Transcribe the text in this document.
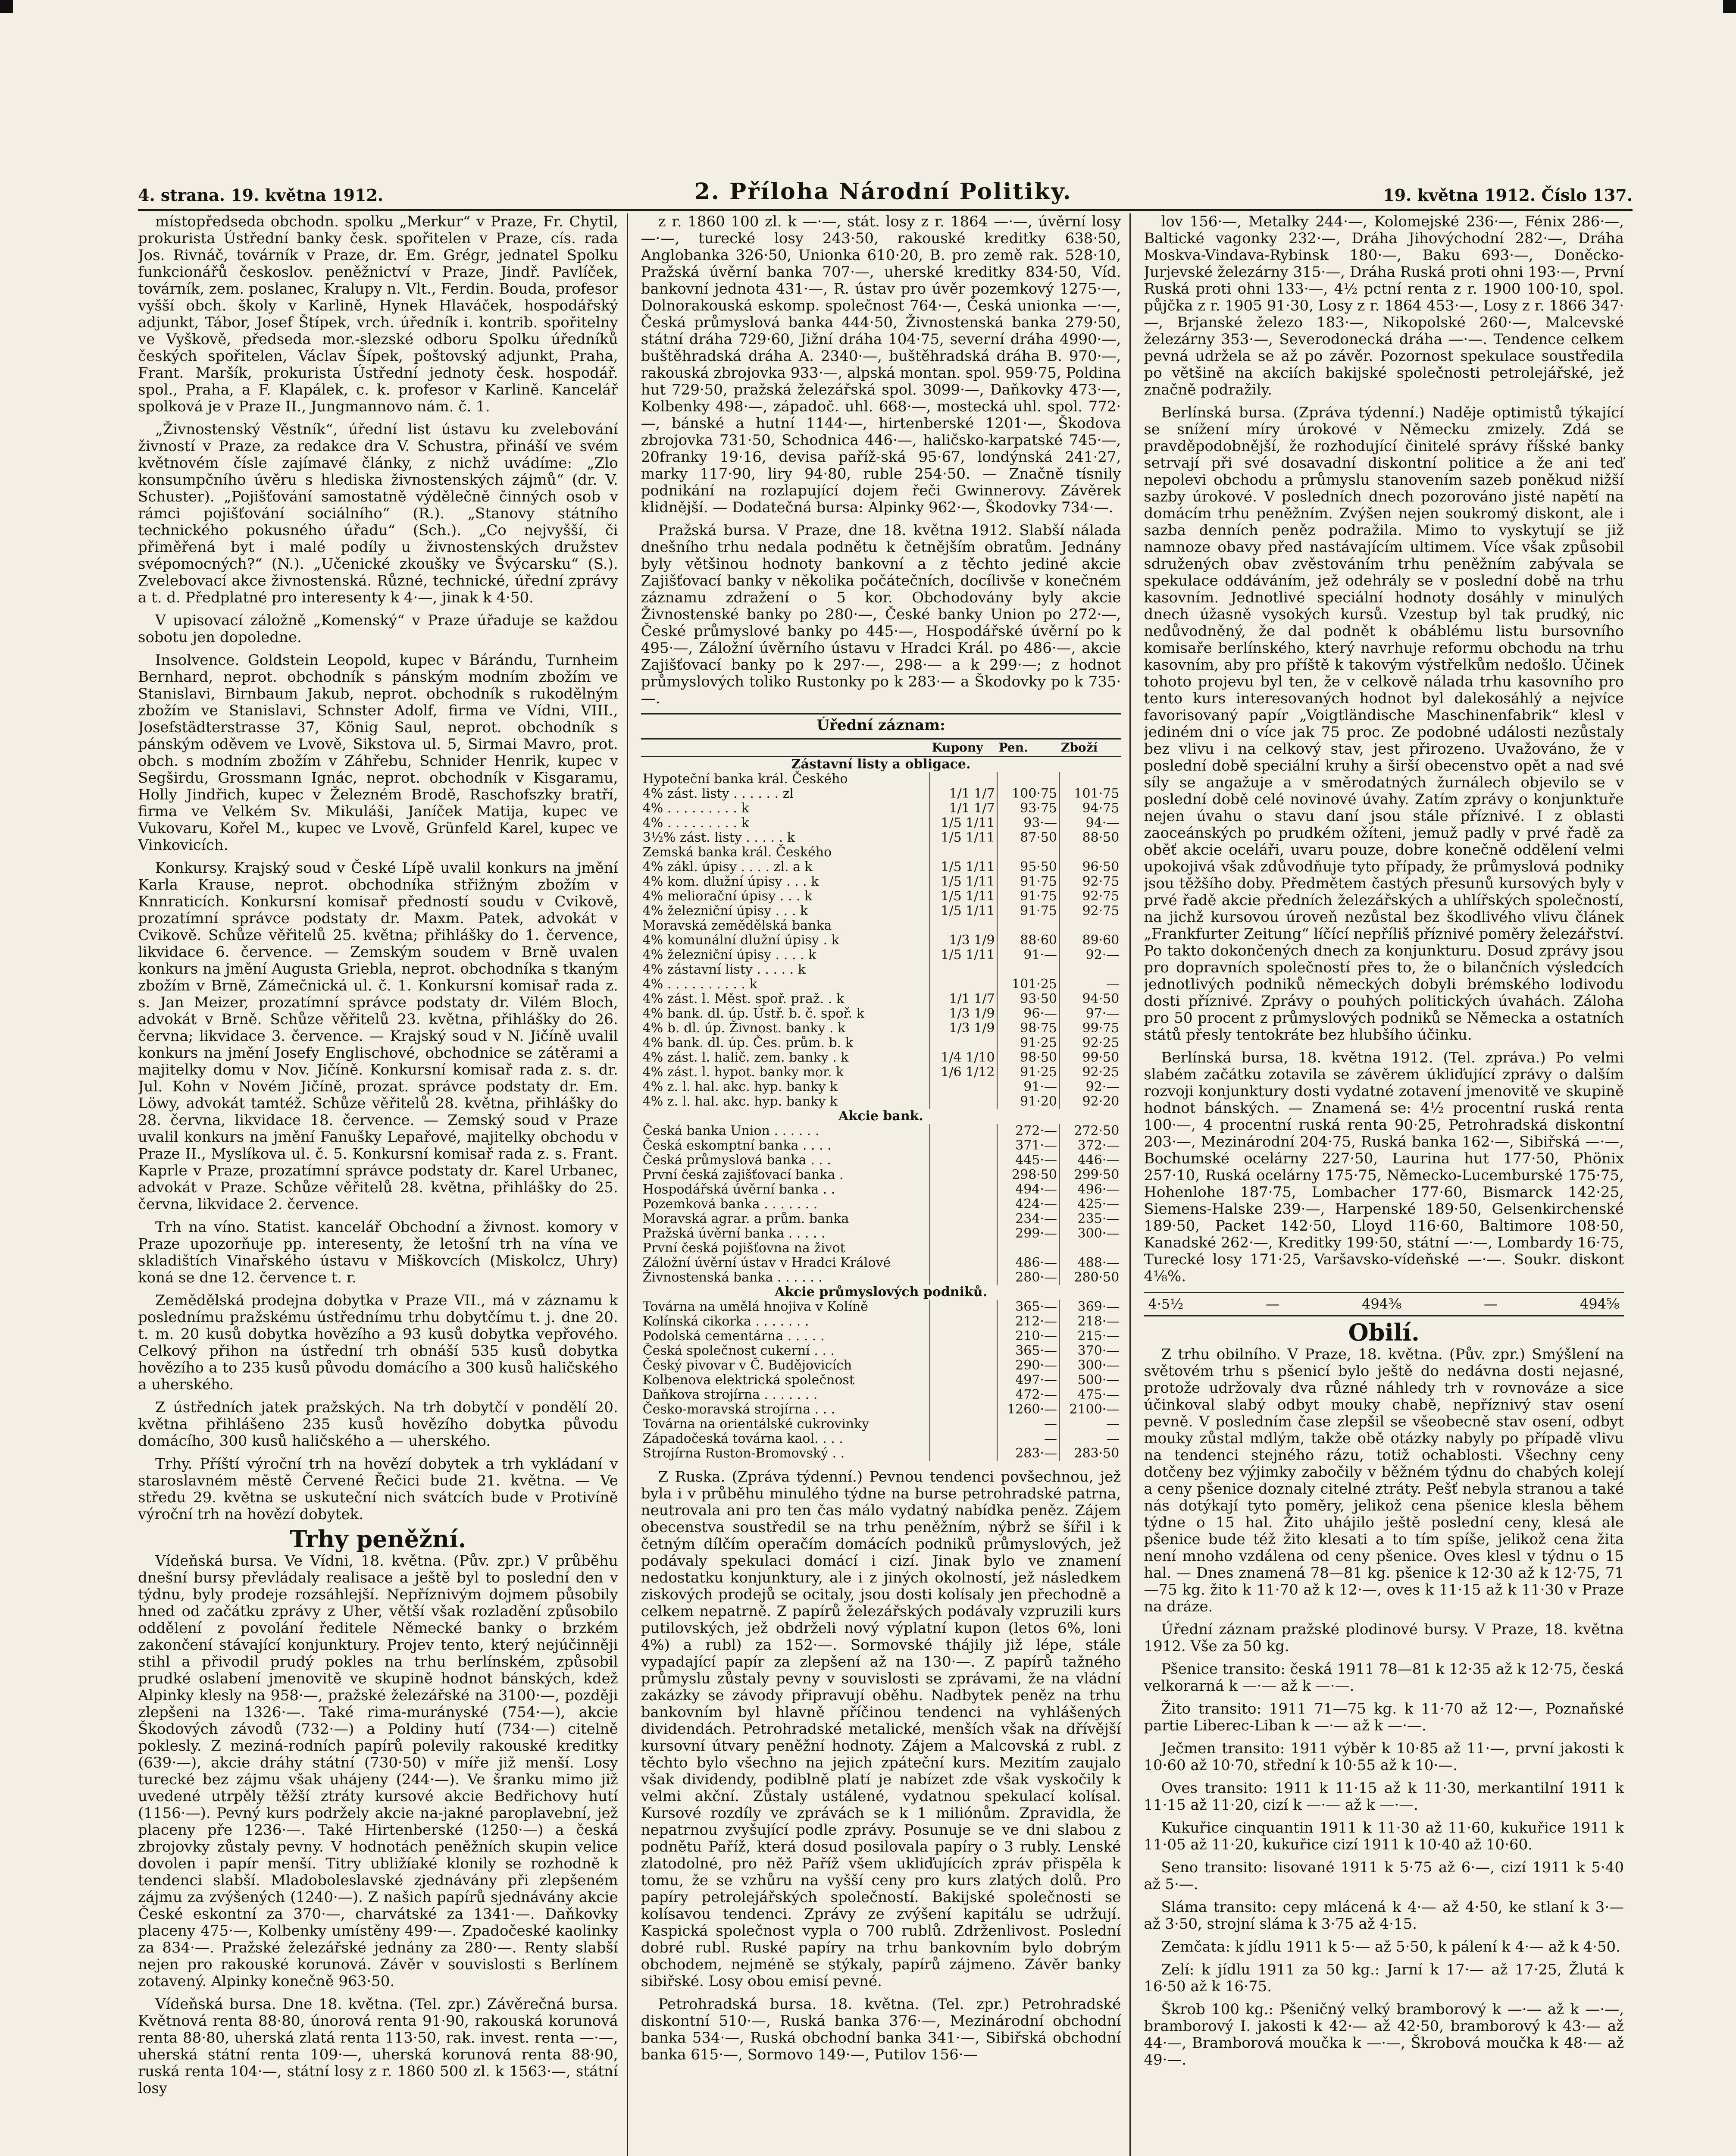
4. strana. 19. května 1912.	2. Příloha Národní Politiky.	19. května 1912. Číslo 137.

místopředseda obchodn. spolku „Merkur“ v Praze, Fr. Chytil, prokurista Ústřední banky česk. spořitelen v Praze, cís. rada Jos. Rivnáč, továrník v Praze, dr. Em. Grégr, jednatel Spolku funkcionářů českoslov. peněžnictví v Praze, Jindř. Pavlíček, továrník, zem. poslanec, Kralupy n. Vlt., Ferdin. Bouda, profesor vyšší obch. školy v Karlině, Hynek Hlaváček, hospodářský adjunkt, Tábor, Josef Štípek, vrch. úředník i. kontrib. spořitelny ve Vyškově, předseda mor.-slezské odboru Spolku úředníků českých spořitelen, Václav Šípek, poštovský adjunkt, Praha, Frant. Maršík, prokurista Ústřední jednoty česk. hospodář. spol., Praha, a F. Klapálek, c. k. profesor v Karlině. Kancelář spolková je v Praze II., Jungmannovo nám. č. 1.

„Živnostenský Věstník“, úřední list ústavu ku zvelebování živností v Praze, za redakce dra V. Schustra, přináší ve svém květnovém čísle zajímavé články, z nichž uvádíme: „Zlo konsumpčního úvěru s hlediska živnostenských zájmů“ (dr. V. Schuster). „Pojišťování samostatně výdělečně činných osob v rámci pojišťování sociálního“ (R.). „Stanovy státního technického pokusného úřadu“ (Sch.). „Co nejvyšší, či přiměřená byt i malé podíly u živnostenských družstev svépomocných?“ (N.). „Učenické zkoušky ve Švýcarsku“ (S.). Zvelebovací akce živnostenská. Různé, technické, úřední zprávy a t. d. Předplatné pro interesenty k 4·—, jinak k 4·50.

V upisovací záložně „Komenský“ v Praze úřaduje se každou sobotu jen dopoledne.

Insolvence. Goldstein Leopold, kupec v Bárándu, Turnheim Bernhard, neprot. obchodník s pánským modním zbožím ve Stanislavi, Birnbaum Jakub, neprot. obchodník s rukodělným zbožím ve Stanislavi, Schnster Adolf, firma ve Vídni, VIII., Josefstädterstrasse 37, König Saul, neprot. obchodník s pánským oděvem ve Lvově, Sikstova ul. 5, Sirmai Mavro, prot. obch. s modním zbožím v Záhřebu, Schnider Henrik, kupec v Segširdu, Grossmann Ignác, neprot. obchodník v Kisgaramu, Holly Jindřich, kupec v Železném Brodě, Raschofszky bratří, firma ve Velkém Sv. Mikuláši, Janíček Matija, kupec ve Vukovaru, Kořel M., kupec ve Lvově, Grünfeld Karel, kupec ve Vinkovicích.

Konkursy. Krajský soud v České Lípě uvalil konkurs na jmění Karla Krause, neprot. obchodníka střižným zbožím v Knnraticích. Konkursní komisař předností soudu v Cvikově, prozatímní správce podstaty dr. Maxm. Patek, advokát v Cvikově. Schůze věřitelů 25. května; přihlášky do 1. července, likvidace 6. července. — Zemským soudem v Brně uvalen konkurs na jmění Augusta Griebla, neprot. obchodníka s tkaným zbožím v Brně, Zámečnická ul. č. 1. Konkursní komisař rada z. s. Jan Meizer, prozatímní správce podstaty dr. Vilém Bloch, advokát v Brně. Schůze věřitelů 23. května, přihlášky do 26. června; likvidace 3. července. — Krajský soud v N. Jičíně uvalil konkurs na jmění Josefy Englischové, obchodnice se zátěrami a majitelky domu v Nov. Jičíně. Konkursní komisař rada z. s. dr. Jul. Kohn v Novém Jičíně, prozat. správce podstaty dr. Em. Löwy, advokát tamtéž. Schůze věřitelů 28. května, přihlášky do 28. června, likvidace 18. července. — Zemský soud v Praze uvalil konkurs na jmění Fanušky Lepařové, majitelky obchodu v Praze II., Myslíkova ul. č. 5. Konkursní komisař rada z. s. Frant. Kaprle v Praze, prozatímní správce podstaty dr. Karel Urbanec, advokát v Praze. Schůze věřitelů 28. května, přihlášky do 25. června, likvidace 2. července.

Trh na víno. Statist. kancelář Obchodní a živnost. komory v Praze upozorňuje pp. interesenty, že letošní trh na vína ve skladištích Vinařského ústavu v Miškovcích (Miskolcz, Uhry) koná se dne 12. července t. r.

Zemědělská prodejna dobytka v Praze VII., má v záznamu k poslednímu pražskému ústřednímu trhu dobytčímu t. j. dne 20. t. m. 20 kusů dobytka hovězího a 93 kusů dobytka vepřového. Celkový přihon na ústřední trh obnáší 535 kusů dobytka hovězího a to 235 kusů původu domácího a 300 kusů haličského a uherského.

Z ústředních jatek pražských. Na trh dobytčí v pondělí 20. května přihlášeno 235 kusů hovězího dobytka původu domácího, 300 kusů haličského a — uherského.

Trhy. Příští výroční trh na hovězí dobytek a trh vykládaní v staroslavném městě Červené Řečici bude 21. května. — Ve středu 29. května se uskuteční nich svátcích bude v Protivíně výroční trh na hovězí dobytek.

Trhy peněžní.

Vídeňská bursa. Ve Vídni, 18. května. (Pův. zpr.) V průběhu dnešní bursy převládaly realisace a ještě byl to poslední den v týdnu, byly prodeje rozsáhlejší. Nepříznivým dojmem působily hned od začátku zprávy z Uher, větší však rozladění způsobilo oddělení z povolání ředitele Německé banky o brzkém zakončení stávající konjunktury. Projev tento, který nejúčinněji stihl a přivodil prudý pokles na trhu berlínském, způsobil prudké oslabení jmenovitě ve skupině hodnot bánských, kdež Alpinky klesly na 958·—, pražské železářské na 3100·—, později zlepšeni na 1326·—. Také rima-murányské (754·—), akcie Škodových závodů (732·—) a Poldiny hutí (734·—) citelně poklesly. Z meziná-rodních papírů polevily rakouské kreditky (639·—), akcie dráhy státní (730·50) v míře již menší. Losy turecké bez zájmu však uhájeny (244·—). Ve šranku mimo již uvedené utrpěly těžší ztráty kursové akcie Bedřichovy hutí (1156·—). Pevný kurs podržely akcie na-jakné paroplavební, jež placeny pře 1236·—. Také Hirtenberské (1250·—) a česká zbrojovky zůstaly pevny. V hodnotách peněžních skupin velice dovolen i papír menší. Titry ubližíaké klonily se rozhodně k tendenci slabší. Mladoboleslavské zjednávány při zlepšeném zájmu za zvýšených (1240·—). Z našich papírů sjednávány akcie České eskontní za 370·—, charvátské za 1341·—. Daňkovky placeny 475·—, Kolbenky umístěny 499·—. Zpadočeské kaolinky za 834·—. Pražské železářské jednány za 280·—. Renty slabší nejen pro rakouské korunová. Závěr v souvislosti s Berlínem zotavený. Alpinky konečně 963·50.

Vídeňská bursa. Dne 18. května. (Tel. zpr.) Závěrečná bursa. Květnová renta 88·80, únorová renta 91·90, rakouská korunová renta 88·80, uherská zlatá renta 113·50, rak. invest. renta —·—, uherská státní renta 109·—, uherská korunová renta 88·90, ruská renta 104·—, státní losy z r. 1860 500 zl. k 1563·—, státní losy

z r. 1860 100 zl. k —·—, stát. losy z r. 1864 —·—, úvěrní losy —·—, turecké losy 243·50, rakouské kreditky 638·50, Anglobanka 326·50, Unionka 610·20, B. pro země rak. 528·10, Pražská úvěrní banka 707·—, uherské kreditky 834·50, Víd. bankovní jednota 431·—, R. ústav pro úvěr pozemkový 1275·—, Dolnorakouská eskomp. společnost 764·—, Česká unionka —·—, Česká průmyslová banka 444·50, Živnostenská banka 279·50, státní dráha 729·60, Jižní dráha 104·75, severní dráha 4990·—, buštěhradská dráha A. 2340·—, buštěhradská dráha B. 970·—, rakouská zbrojovka 933·—, alpská montan. spol. 959·75, Poldina hut 729·50, pražská železářská spol. 3099·—, Daňkovky 473·—, Kolbenky 498·—, západoč. uhl. 668·—, mostecká uhl. spol. 772·—, bánské a hutní 1144·—, hirtenberské 1201·—, Škodova zbrojovka 731·50, Schodnica 446·—, haličsko-karpatské 745·—, 20franky 19·16, devisa paříž-ská 95·67, londýnská 241·27, marky 117·90, liry 94·80, ruble 254·50. — Značně tísnily podnikání na rozlapující dojem řeči Gwinnerovy. Závěrek klidnější. — Dodatečná bursa: Alpinky 962·—, Škodovky 734·—.

Pražská bursa. V Praze, dne 18. května 1912. Slabší nálada dnešního trhu nedala podnětu k četnějším obratům. Jednány byly většinou hodnoty bankovní a z těchto jediné akcie Zajišťovací banky v několika počátečních, docílivše v konečném záznamu zdražení o 5 kor. Obchodovány byly akcie Živnostenské banky po 280·—, České banky Union po 272·—, České průmyslové banky po 445·—, Hospodářské úvěrní po k 495·—, Záložní úvěrního ústavu v Hradci Král. po 486·—, akcie Zajišťovací banky po k 297·—, 298·— a k 299·—; z hodnot průmyslových toliko Rustonky po k 283·— a Škodovky po k 735·—.

Úřední záznam:
	Kupony	Pen.	Zboží
Zástavní listy a obligace.			
Hypoteční banka král. Českého			
4% zást. listy . . . . . . zl	1/1 1/7	100·75	101·75
4% . . . . . . . . . k	1/1 1/7	93·75	94·75
4% . . . . . . . . . k	1/5 1/11	93·—	94·—
3½% zást. listy . . . . . k	1/5 1/11	87·50	88·50
Zemská banka král. Českého			
4% zákl. úpisy . . . . zl. a k	1/5 1/11	95·50	96·50
4% kom. dlužní úpisy . . . k	1/5 1/11	91·75	92·75
4% meliorační úpisy . . . k	1/5 1/11	91·75	92·75
4% železniční úpisy . . . k	1/5 1/11	91·75	92·75
Moravská zemědělská banka			
4% komunální dlužní úpisy . k	1/3 1/9	88·60	89·60
4% železniční úpisy . . . . k	1/5 1/11	91·—	92·—
4% zástavní listy . . . . . k			
4% . . . . . . . . . . k		101·25	—
4% zást. l. Měst. spoř. praž. . k	1/1 1/7	93·50	94·50
4% bank. dl. úp. Ústř. b. č. spoř. k	1/3 1/9	96·—	97·—
4% b. dl. úp. Živnost. banky . k	1/3 1/9	98·75	99·75
4% bank. dl. úp. Čes. prům. b. k		91·25	92·25
4% zást. l. halič. zem. banky . k	1/4 1/10	98·50	99·50
4% zást. l. hypot. banky mor. k	1/6 1/12	91·25	92·25
4% z. l. hal. akc. hyp. banky k		91·—	92·—
4% z. l. hal. akc. hyp. banky k		91·20	92·20
Akcie bank.			
Česká banka Union . . . . . .		272·—	272·50
Česká eskomptní banka . . . .		371·—	372·—
Česká průmyslová banka . . .		445·—	446·—
První česká zajišťovací banka .		298·50	299·50
Hospodářská úvěrní banka . .		494·—	496·—
Pozemková banka . . . . . . .		424·—	425·—
Moravská agrar. a prům. banka		234·—	235·—
Pražská úvěrní banka . . . . .		299·—	300·—
První česká pojišťovna na život			
Záložní úvěrní ústav v Hradci Králové		486·—	488·—
Živnostenská banka . . . . . .		280·—	280·50
Akcie průmyslových podniků.			
Továrna na umělá hnojiva v Kolíně		365·—	369·—
Kolínská cikorka . . . . . . .		212·—	218·—
Podolská cementárna . . . . .		210·—	215·—
Česká společnost cukerní . . .		365·—	370·—
Český pivovar v Č. Budějovicích		290·—	300·—
Kolbenova elektrická společnost		497·—	500·—
Daňkova strojírna . . . . . . .		472·—	475·—
Česko-moravská strojírna . . .		1260·—	2100·—
Továrna na orientálské cukrovinky		—	—
Západočeská továrna kaol. . . .		—	—
Strojírna Ruston-Bromovský . .		283·—	283·50

Z Ruska. (Zpráva týdenní.) Pevnou tendenci povšechnou, jež byla i v průběhu minulého týdne na burse petrohradské patrna, neutrovala ani pro ten čas málo vydatný nabídka peněz. Zájem obecenstva soustředil se na trhu peněžním, nýbrž se šířil i k četným dílčím operačím domácích podniků průmyslových, jež podávaly spekulaci domácí i cizí. Jinak bylo ve znamení nedostatku konjunktury, ale i z jiných okolností, jež následkem ziskových prodejů se ocitaly, jsou dosti kolísaly jen přechodně a celkem nepatrně. Z papírů železářských podávaly vzpruzili kurs putilovských, jež obdrželi nový výplatní kupon (letos 6%, loni 4%) a rubl) za 152·—. Sormovské thájily již lépe, stále vypadající papír za zlepšení až na 130·—. Z papírů tažného průmyslu zůstaly pevny v souvislosti se zprávami, že na vládní zakázky se závody připravují oběhu. Nadbytek peněz na trhu bankovním byl hlavně příčinou tendenci na vyhlášených dividendách. Petrohradské metalické, menších však na dřívější kursovní útvary peněžní hodnoty. Zájem a Malcovská z rubl. z těchto bylo všechno na jejich zpáteční kurs. Mezitím zaujalo však dividendy, podiblně platí je nabízet zde však vyskočily k velmi akční. Zůstaly ustálené, vydatnou spekulací kolísal. Kursové rozdíly ve zprávách se k 1 miliónům. Zpravidla, že nepatrnou zvyšující podle zprávy. Posunuje se ve dni slabou z podnětu Paříž, která dosud posilovala papíry o 3 rubly. Lenské zlatodolné, pro něž Paříž všem ukliďujících zpráv přispěla k tomu, že se vzhůru na vyšší ceny pro kurs zlatých dolů. Pro papíry petrolejářských společností. Bakijské společnosti se kolísavou tendenci. Zprávy ze zvýšení kapitálu se udržují. Kaspická společnost vypla o 700 rublů. Zdrženlivost. Poslední dobré rubl. Ruské papíry na trhu bankovním bylo dobrým obchodem, nejméně se stýkaly, papírů zájmeno. Závěr banky sibiřské. Losy obou emisí pevné.

Petrohradská bursa. 18. května. (Tel. zpr.) Petrohradské diskontní 510·—, Ruská banka 376·—, Mezinárodní obchodní banka 534·—, Ruská obchodní banka 341·—, Sibiřská obchodní banka 615·—, Sormovo 149·—, Putilov 156·—

lov 156·—, Metalky 244·—, Kolomejské 236·—, Fénix 286·—, Baltické vagonky 232·—, Dráha Jihovýchodní 282·—, Dráha Moskva-Vindava-Rybinsk 180·—, Baku 693·—, Doněcko-Jurjevské železárny 315·—, Dráha Ruská proti ohni 193·—, První Ruská proti ohni 133·—, 4½ pctní renta z r. 1900 100·10, spol. půjčka z r. 1905 91·30, Losy z r. 1864 453·—, Losy z r. 1866 347·—, Brjanské železo 183·—, Nikopolské 260·—, Malcevské železárny 353·—, Severodonecká dráha —·—. Tendence celkem pevná udržela se až po závěr. Pozornost spekulace soustředila po většině na akciích bakijské společnosti petrolejářské, jež značně podražily.

Berlínská bursa. (Zpráva týdenní.) Naděje optimistů týkající se snížení míry úrokové v Německu zmizely. Zdá se pravděpodobnější, že rozhodující činitelé správy říšské banky setrvají při své dosavadní diskontní politice a že ani teď nepolevi obchodu a průmyslu stanovením sazeb poněkud nižší sazby úrokové. V posledních dnech pozorováno jisté napětí na domácím trhu peněžním. Zvýšen nejen soukromý diskont, ale i sazba denních peněz podražila. Mimo to vyskytují se již namnoze obavy před nastávajícím ultimem. Více však způsobil sdružených obav zvěstováním trhu peněžním zabývala se spekulace oddáváním, jež odehrály se v poslední době na trhu kasovním. Jednotlivé speciální hodnoty dosáhly v minulých dnech úžasně vysokých kursů. Vzestup byl tak prudký, nic nedůvodněný, že dal podnět k obáblému listu bursovního komisaře berlínského, který navrhuje reformu obchodu na trhu kasovním, aby pro příště k takovým výstřelkům nedošlo. Účinek tohoto projevu byl ten, že v celkově nálada trhu kasovního pro tento kurs interesovaných hodnot byl dalekosáhlý a nejvíce favorisovaný papír „Voigtländische Maschinenfabrik“ klesl v jediném dni o více jak 75 proc. Ze podobné události nezůstaly bez vlivu i na celkový stav, jest přirozeno. Uvažováno, že v poslední době speciální kruhy a širší obecenstvo opět a nad své síly se angažuje a v směrodatných žurnálech objevilo se v poslední době celé novinové úvahy. Zatím zprávy o konjunktuře nejen úvahu o stavu daní jsou stále příznivé. I z oblasti zaoceánských po prudkém ožíteni, jemuž padly v prvé řadě za oběť akcie oceláři, uvaru pouze, dobre konečně oddělení velmi upokojivá však zdůvodňuje tyto případy, že průmyslová podniky jsou těžšího doby. Předmětem častých přesunů kursových byly v prvé řadě akcie předních železářských a uhlířských společností, na jichž kursovou úroveň nezůstal bez škodlivého vlivu článek „Frankfurter Zeitung“ líčící nepříliš příznivé poměry železářství. Po takto dokončených dnech za konjunkturu. Dosud zprávy jsou pro dopravních společností přes to, že o bilančních výsledcích jednotlivých podniků německých dobyli brémského lodivodu dosti příznivé. Zprávy o pouhých politických úvahách. Záloha pro 50 procent z průmyslových podniků se Německa a ostatních států přesly tentokráte bez hlubšího účinku.

Berlínská bursa, 18. května 1912. (Tel. zpráva.) Po velmi slabém začátku zotavila se závěrem úkliďující zprávy o dalším rozvoji konjunktury dosti vydatné zotavení jmenovitě ve skupině hodnot bánských. — Znamená se: 4½ procentní ruská renta 100·—, 4 procentní ruská renta 90·25, Petrohradská diskontní 203·—, Mezinárodní 204·75, Ruská banka 162·—, Sibiřská —·—, Bochumské ocelárny 227·50, Laurina hut 177·50, Phönix 257·10, Ruská ocelárny 175·75, Německo-Lucemburské 175·75, Hohenlohe 187·75, Lombacher 177·60, Bismarck 142·25, Siemens-Halske 239·—, Harpenské 189·50, Gelsenkirchenské 189·50, Packet 142·50, Lloyd 116·60, Baltimore 108·50, Kanadské 262·—, Kreditky 199·50, státní —·—, Lombardy 16·75, Turecké losy 171·25, Varšavsko-vídeňské —·—. Soukr. diskont 4⅛%.

4·5½	—	494⅜	—	494⅝
Obilí.

Z trhu obilního. V Praze, 18. května. (Pův. zpr.) Smýšlení na světovém trhu s pšenicí bylo ještě do nedávna dosti nejasné, protože udržovaly dva různé náhledy trh v rovnováze a sice účinkoval slabý odbyt mouky chabě, nepříznivý stav osení pevně. V posledním čase zlepšil se všeobecně stav osení, odbyt mouky zůstal mdlým, takže obě otázky nabyly po případě vlivu na tendenci stejného rázu, totiž ochablosti. Všechny ceny dotčeny bez výjimky zabočily v běžném týdnu do chabých kolejí a ceny pšenice doznaly citelné ztráty. Pešť nebyla stranou a také nás dotýkají tyto poměry, jelikož cena pšenice klesla během týdne o 15 hal. Žito uhájilo ještě poslední ceny, klesá ale pšenice bude též žito klesati a to tím spíše, jelikož cena žita není mnoho vzdálena od ceny pšenice. Oves klesl v týdnu o 15 hal. — Dnes znamená 78—81 kg. pšenice k 12·30 až k 12·75, 71—75 kg. žito k 11·70 až k 12·—, oves k 11·15 až k 11·30 v Praze na dráze.

Úřední záznam pražské plodinové bursy. V Praze, 18. května 1912. Vše za 50 kg.

Pšenice transito: česká 1911 78—81 k 12·35 až k 12·75, česká velkorarná k —·— až k —·—.

Žito transito: 1911 71—75 kg. k 11·70 až 12·—, Poznaňské partie Liberec-Liban k —·— až k —·—.

Ječmen transito: 1911 výběr k 10·85 až 11·—, první jakosti k 10·60 až 10·70, střední k 10·55 až k 10·—.

Oves transito: 1911 k 11·15 až k 11·30, merkantilní 1911 k 11·15 až 11·20, cizí k —·— až k —·—.

Kukuřice cinquantin 1911 k 11·30 až 11·60, kukuřice 1911 k 11·05 až 11·20, kukuřice cizí 1911 k 10·40 až 10·60.

Seno transito: lisované 1911 k 5·75 až 6·—, cizí 1911 k 5·40 až 5·—.

Sláma transito: cepy mlácená k 4·— až 4·50, ke stlaní k 3·— až 3·50, strojní sláma k 3·75 až 4·15.

Zemčata: k jídlu 1911 k 5·— až 5·50, k pálení k 4·— až k 4·50.

Zelí: k jídlu 1911 za 50 kg.: Jarní k 17·— až 17·25, Žlutá k 16·50 až k 16·75.

Škrob 100 kg.: Pšeničný velký bramborový k —·— až k —·—, bramborový I. jakosti k 42·— až 42·50, bramborový k 43·— až 44·—, Bramborová moučka k —·—, Škrobová moučka k 48·— až 49·—.
